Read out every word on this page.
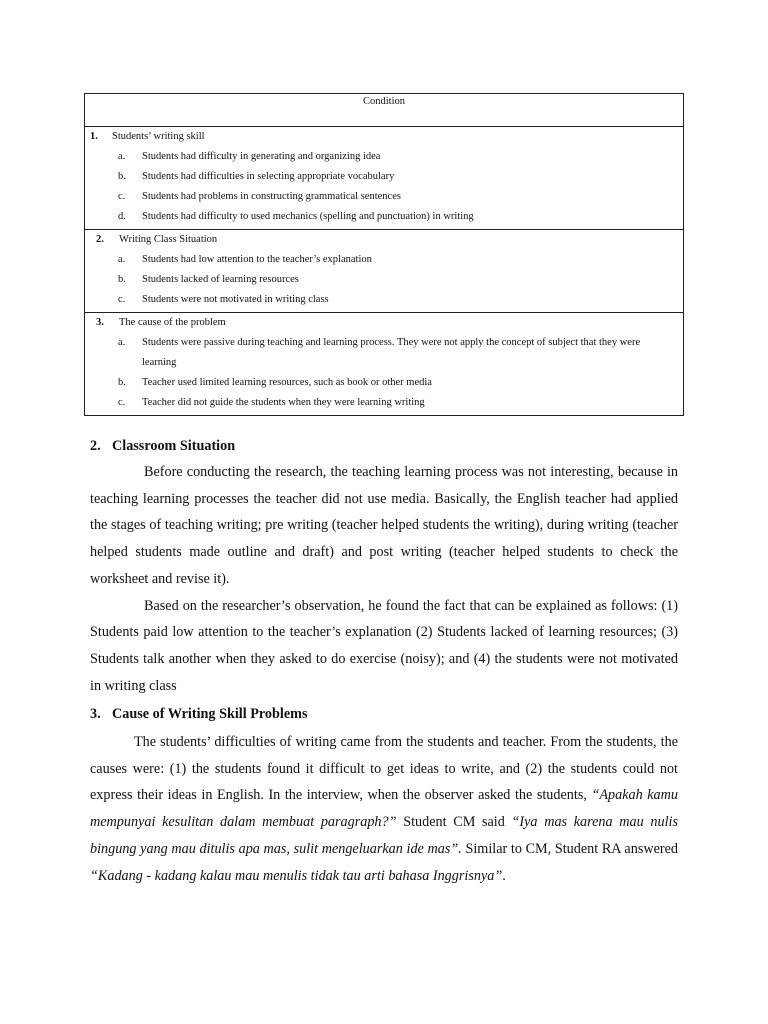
Condition
1. Students’ writing skill
a. Students had difficulty in generating and organizing idea
b. Students had difficulties in selecting appropriate vocabulary
c. Students had problems in constructing grammatical sentences
d. Students had difficulty to used mechanics (spelling and punctuation) in writing
2. Writing Class Situation
a. Students had low attention to the teacher’s explanation
b. Students lacked of learning resources
c. Students were not motivated in writing class
3. The cause of the problem
a. Students were passive during teaching and learning process. They were not apply the concept of subject that they were learning
b. Teacher used limited learning resources, such as book or other media
c. Teacher did not guide the students when they were learning writing
2. Classroom Situation

Before conducting the research, the teaching learning process was not interesting, because in teaching learning processes the teacher did not use media. Basically, the English teacher had applied the stages of teaching writing; pre writing (teacher helped students the writing), during writing (teacher helped students made outline and draft) and post writing (teacher helped students to check the worksheet and revise it).

Based on the researcher’s observation, he found the fact that can be explained as follows: (1) Students paid low attention to the teacher’s explanation (2) Students lacked of learning resources; (3) Students talk another when they asked to do exercise (noisy); and (4) the students were not motivated in writing class

3. Cause of Writing Skill Problems

The students’ difficulties of writing came from the students and teacher. From the students, the causes were: (1) the students found it difficult to get ideas to write, and (2) the students could not express their ideas in English. In the interview, when the observer asked the students, “Apakah kamu mempunyai kesulitan dalam membuat paragraph?” Student CM said “Iya mas karena mau nulis bingung yang mau ditulis apa mas, sulit mengeluarkan ide mas”. Similar to CM, Student RA answered “Kadang - kadang kalau mau menulis tidak tau arti bahasa Inggrisnya”.
